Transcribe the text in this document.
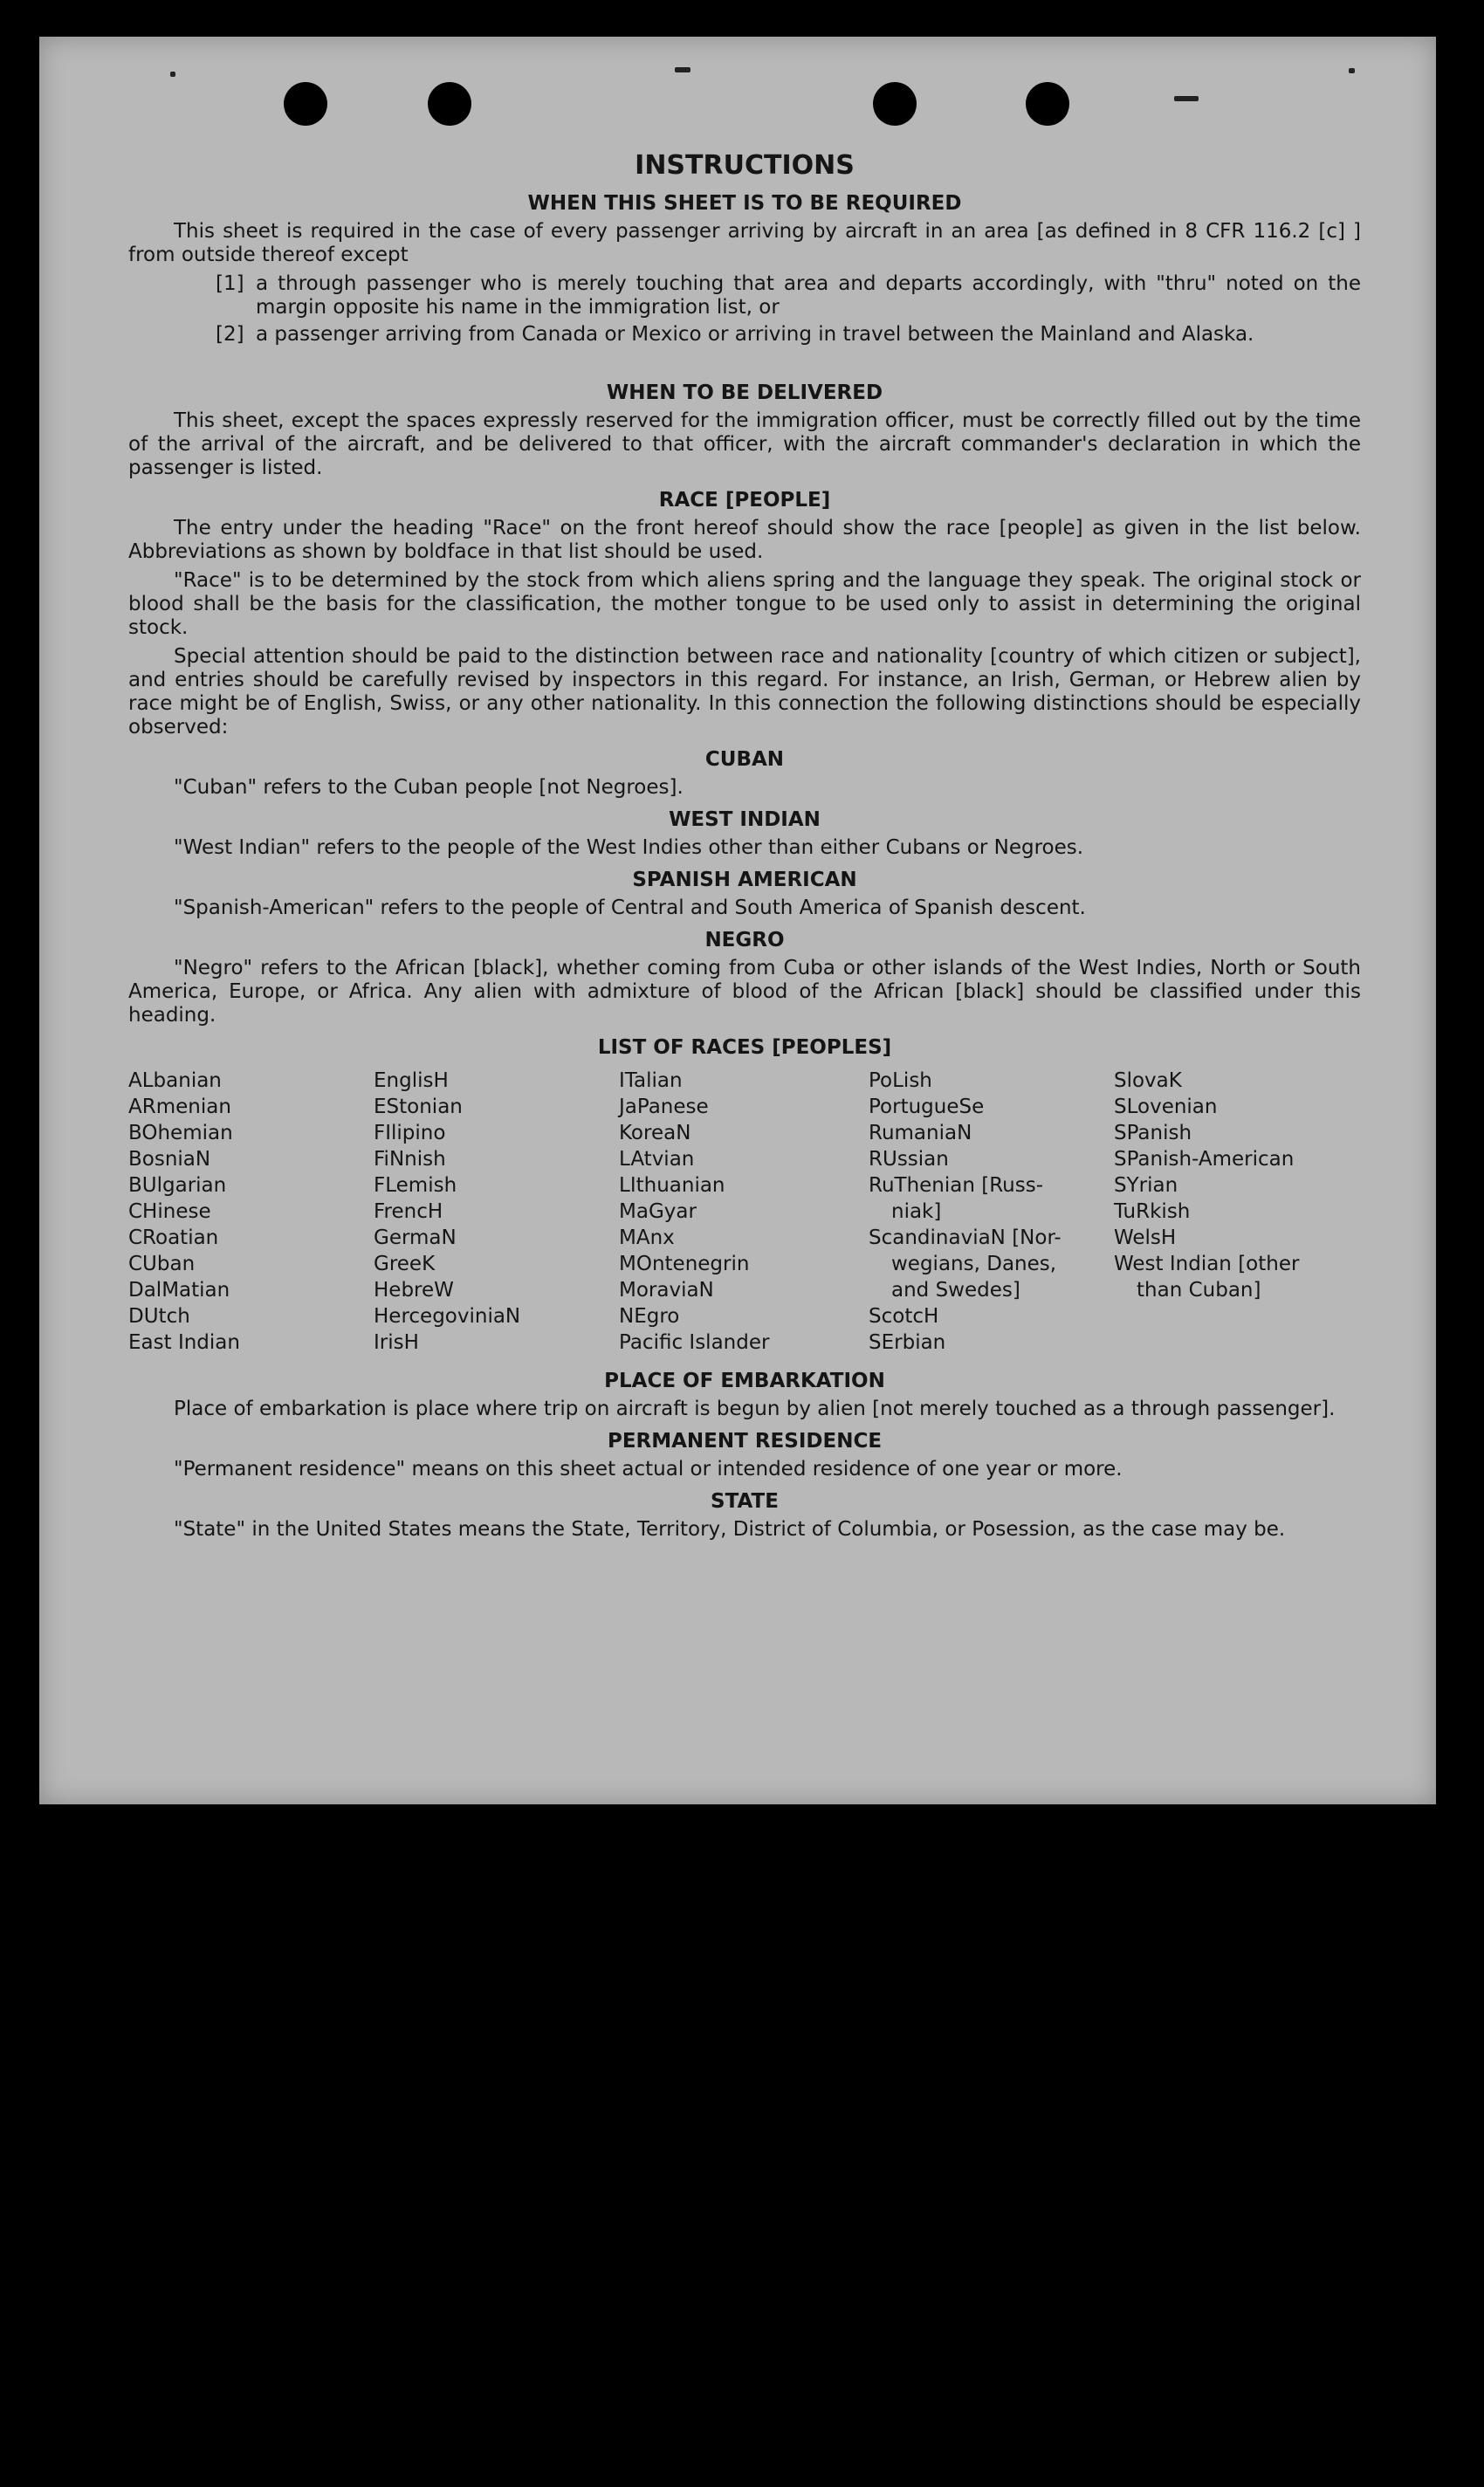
INSTRUCTIONS
WHEN THIS SHEET IS TO BE REQUIRED

This sheet is required in the case of every passenger arriving by aircraft in an area [as defined in 8 CFR 116.2 [c] ] from outside thereof except

[1] a through passenger who is merely touching that area and departs accordingly, with "thru" noted on the margin opposite his name in the immigration list, or
[2] a passenger arriving from Canada or Mexico or arriving in travel between the Mainland and Alaska.
WHEN TO BE DELIVERED

This sheet, except the spaces expressly reserved for the immigration officer, must be correctly filled out by the time of the arrival of the aircraft, and be delivered to that officer, with the aircraft commander's declaration in which the passenger is listed.

RACE [PEOPLE]

The entry under the heading "Race" on the front hereof should show the race [people] as given in the list below. Abbreviations as shown by boldface in that list should be used.

"Race" is to be determined by the stock from which aliens spring and the language they speak. The original stock or blood shall be the basis for the classification, the mother tongue to be used only to assist in determining the original stock.

Special attention should be paid to the distinction between race and nationality [country of which citizen or subject], and entries should be carefully revised by inspectors in this regard. For instance, an Irish, German, or Hebrew alien by race might be of English, Swiss, or any other nationality. In this connection the following distinctions should be especially observed:

CUBAN

"Cuban" refers to the Cuban people [not Negroes].

WEST INDIAN

"West Indian" refers to the people of the West Indies other than either Cubans or Negroes.

SPANISH AMERICAN

"Spanish-American" refers to the people of Central and South America of Spanish descent.

NEGRO

"Negro" refers to the African [black], whether coming from Cuba or other islands of the West Indies, North or South America, Europe, or Africa. Any alien with admixture of blood of the African [black] should be classified under this heading.

LIST OF RACES [PEOPLES]
ALbanian
ARmenian
BOhemian
BosniaN
BUlgarian
CHinese
CRoatian
CUban
DalMatian
DUtch
East Indian
EnglisH
EStonian
FIlipino
FiNnish
FLemish
FrencH
GermaN
GreeK
HebreW
HercegoviniaN
IrisH
ITalian
JaPanese
KoreaN
LAtvian
LIthuanian
MaGyar
MAnx
MOntenegrin
MoraviaN
NEgro
Pacific Islander
PoLish
PortugueSe
RumaniaN
RUssian
RuThenian [Russ-
niak]
ScandinaviaN [Nor-
wegians, Danes,
and Swedes]
ScotcH
SErbian
SlovaK
SLovenian
SPanish
SPanish-American
SYrian
TuRkish
WelsH
West Indian [other
than Cuban]
PLACE OF EMBARKATION

Place of embarkation is place where trip on aircraft is begun by alien [not merely touched as a through passenger].

PERMANENT RESIDENCE

"Permanent residence" means on this sheet actual or intended residence of one year or more.

STATE

"State" in the United States means the State, Territory, District of Columbia, or Posession, as the case may be.
